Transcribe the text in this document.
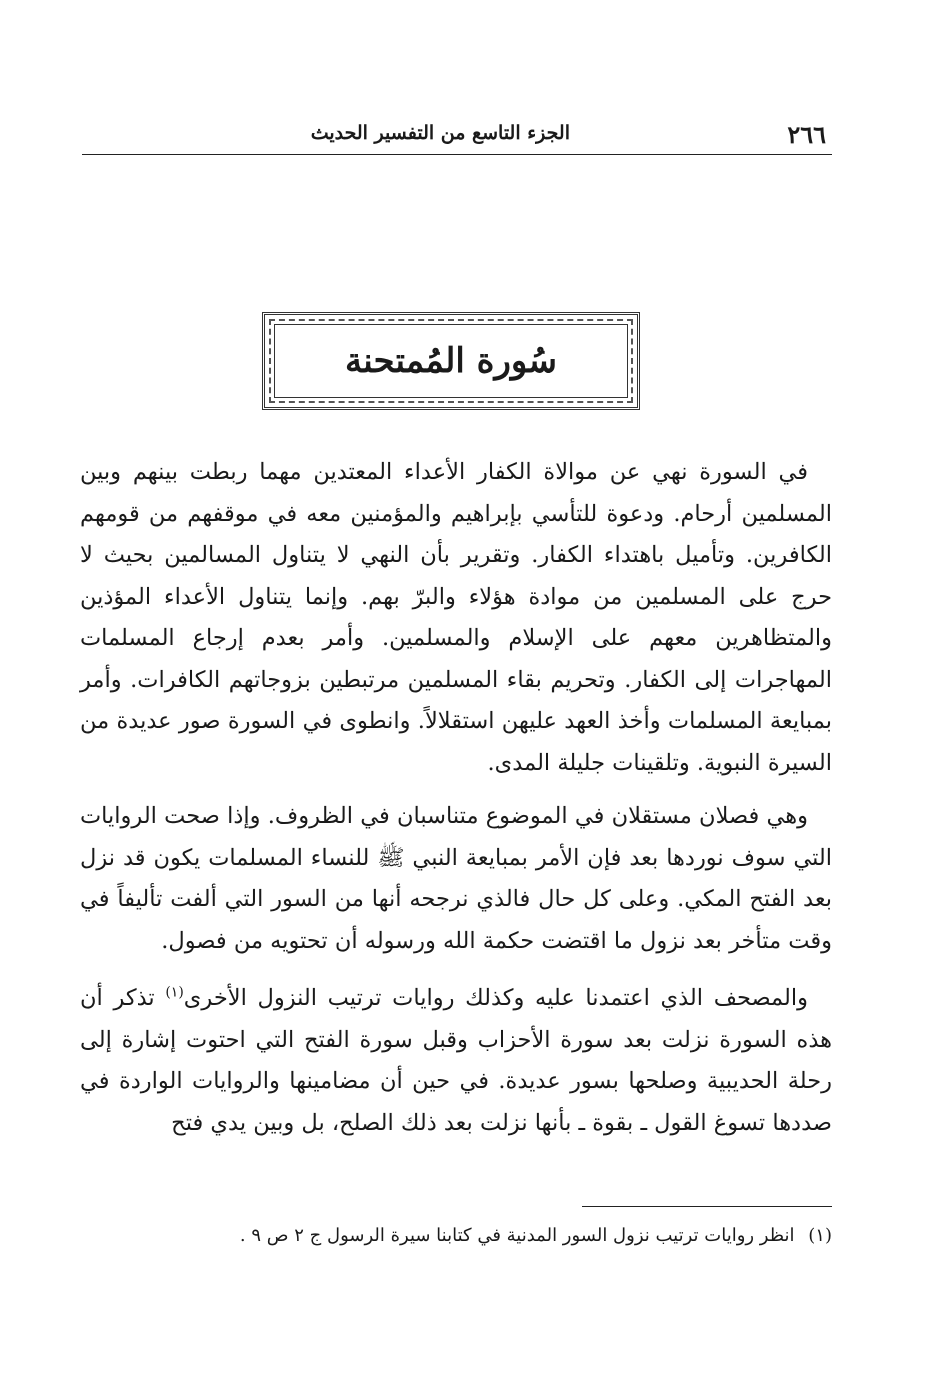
٢٦٦
الجزء التاسع من التفسير الحديث
سُورة المُمتحنة

في السورة نهي عن موالاة الكفار الأعداء المعتدين مهما ربطت بينهم وبين المسلمين أرحام. ودعوة للتأسي بإبراهيم والمؤمنين معه في موقفهم من قومهم الكافرين. وتأميل باهتداء الكفار. وتقرير بأن النهي لا يتناول المسالمين بحيث لا حرج على المسلمين من موادة هؤلاء والبرّ بهم. وإنما يتناول الأعداء المؤذين والمتظاهرين معهم على الإسلام والمسلمين. وأمر بعدم إرجاع المسلمات المهاجرات إلى الكفار. وتحريم بقاء المسلمين مرتبطين بزوجاتهم الكافرات. وأمر بمبايعة المسلمات وأخذ العهد عليهن استقلالاً. وانطوى في السورة صور عديدة من السيرة النبوية. وتلقينات جليلة المدى.

وهي فصلان مستقلان في الموضوع متناسبان في الظروف. وإذا صحت الروايات التي سوف نوردها بعد فإن الأمر بمبايعة النبي ﷺ للنساء المسلمات يكون قد نزل بعد الفتح المكي. وعلى كل حال فالذي نرجحه أنها من السور التي ألفت تأليفاً في وقت متأخر بعد نزول ما اقتضت حكمة الله ورسوله أن تحتويه من فصول.

والمصحف الذي اعتمدنا عليه وكذلك روايات ترتيب النزول الأخرى$^{(١)}$ تذكر أن هذه السورة نزلت بعد سورة الأحزاب وقبل سورة الفتح التي احتوت إشارة إلى رحلة الحديبية وصلحها بسور عديدة. في حين أن مضامينها والروايات الواردة في صددها تسوغ القول ـ بقوة ـ بأنها نزلت بعد ذلك الصلح، بل وبين يدي فتح

(١) انظر روايات ترتيب نزول السور المدنية في كتابنا سيرة الرسول ج ٢ ص ٩ .
